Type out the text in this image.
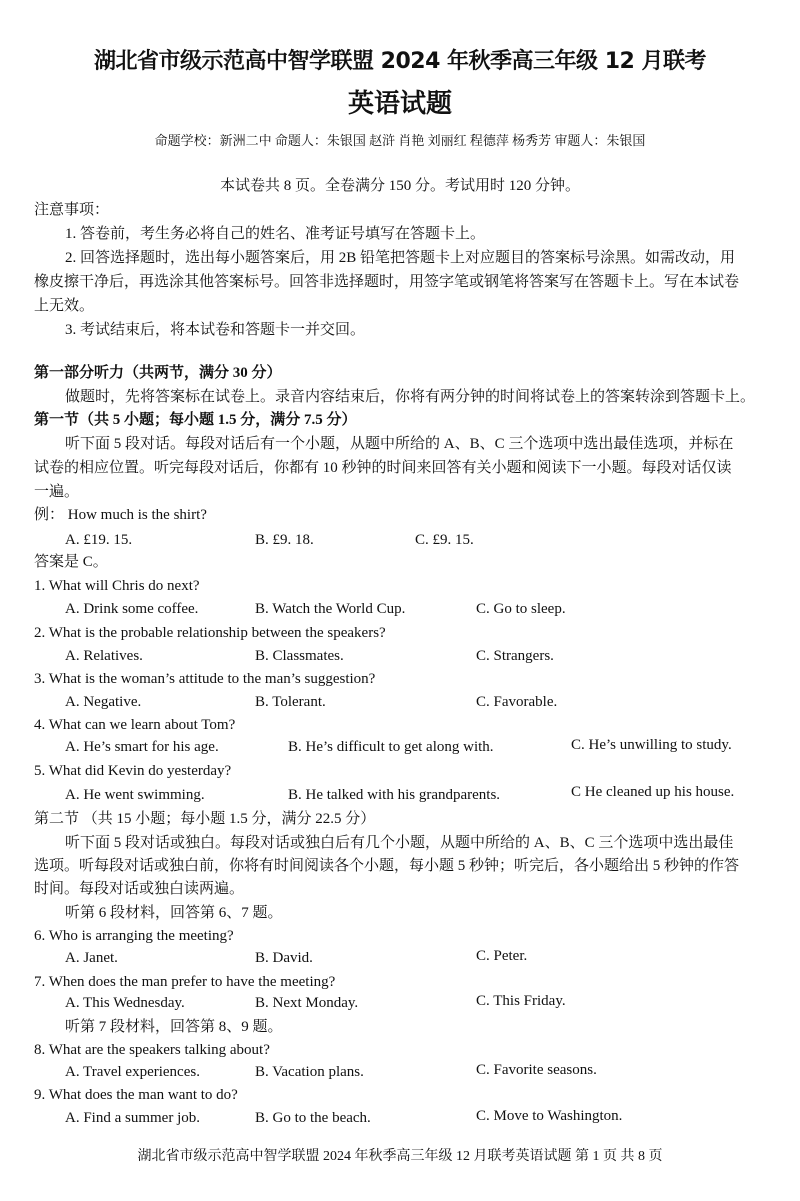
湖北省市级示范高中智学联盟 2024 年秋季高三年级 12 月联考
英语试题
命题学校：新洲二中 命题人：朱银国 赵浒 肖艳 刘丽红 程德萍 杨秀芳 审题人：朱银国
本试卷共 8 页。全卷满分 150 分。考试用时 120 分钟。
注意事项：
1. 答卷前，考生务必将自己的姓名、准考证号填写在答题卡上。
2. 回答选择题时，选出每小题答案后，用 2B 铅笔把答题卡上对应题目的答案标号涂黑。如需改动，用
橡皮擦干净后，再选涂其他答案标号。回答非选择题时，用签字笔或钢笔将答案写在答题卡上。写在本试卷
上无效。
3. 考试结束后，将本试卷和答题卡一并交回。
第一部分听力（共两节，满分 30 分）
做题时，先将答案标在试卷上。录音内容结束后，你将有两分钟的时间将试卷上的答案转涂到答题卡上。
第一节（共 5 小题；每小题 1.5 分，满分 7.5 分）
听下面 5 段对话。每段对话后有一个小题，从题中所给的 A、B、C 三个选项中选出最佳选项，并标在
试卷的相应位置。听完每段对话后，你都有 10 秒钟的时间来回答有关小题和阅读下一小题。每段对话仅读
一遍。
例： How much is the shirt?
A. £19. 15.	B. £9. 18.	C. £9. 15.
答案是 C。
1. What will Chris do next?
A. Drink some coffee.	B. Watch the World Cup.	C. Go to sleep.
2. What is the probable relationship between the speakers?
A. Relatives.	B. Classmates.	C. Strangers.
3. What is the woman’s attitude to the man’s suggestion?
A. Negative.	B. Tolerant.	C. Favorable.
4. What can we learn about Tom?
A. He’s smart for his age.	B. He’s difficult to get along with.	C. He’s unwilling to study.
5. What did Kevin do yesterday?
A. He went swimming.	B. He talked with his grandparents.	C He cleaned up his house.
第二节 （共 15 小题；每小题 1.5 分，满分 22.5 分）
听下面 5 段对话或独白。每段对话或独白后有几个小题，从题中所给的 A、B、C 三个选项中选出最佳
选项。听每段对话或独白前，你将有时间阅读各个小题，每小题 5 秒钟；听完后，各小题给出 5 秒钟的作答
时间。每段对话或独白读两遍。
听第 6 段材料，回答第 6、7 题。
6. Who is arranging the meeting?
A. Janet.	B. David.	C. Peter.
7. When does the man prefer to have the meeting?
A. This Wednesday.	B. Next Monday.	C. This Friday.
听第 7 段材料，回答第 8、9 题。
8. What are the speakers talking about?
A. Travel experiences.	B. Vacation plans.	C. Favorite seasons.
9. What does the man want to do?
A. Find a summer job.	B. Go to the beach.	C. Move to Washington.
湖北省市级示范高中智学联盟 2024 年秋季高三年级 12 月联考英语试题 第 1 页 共 8 页
